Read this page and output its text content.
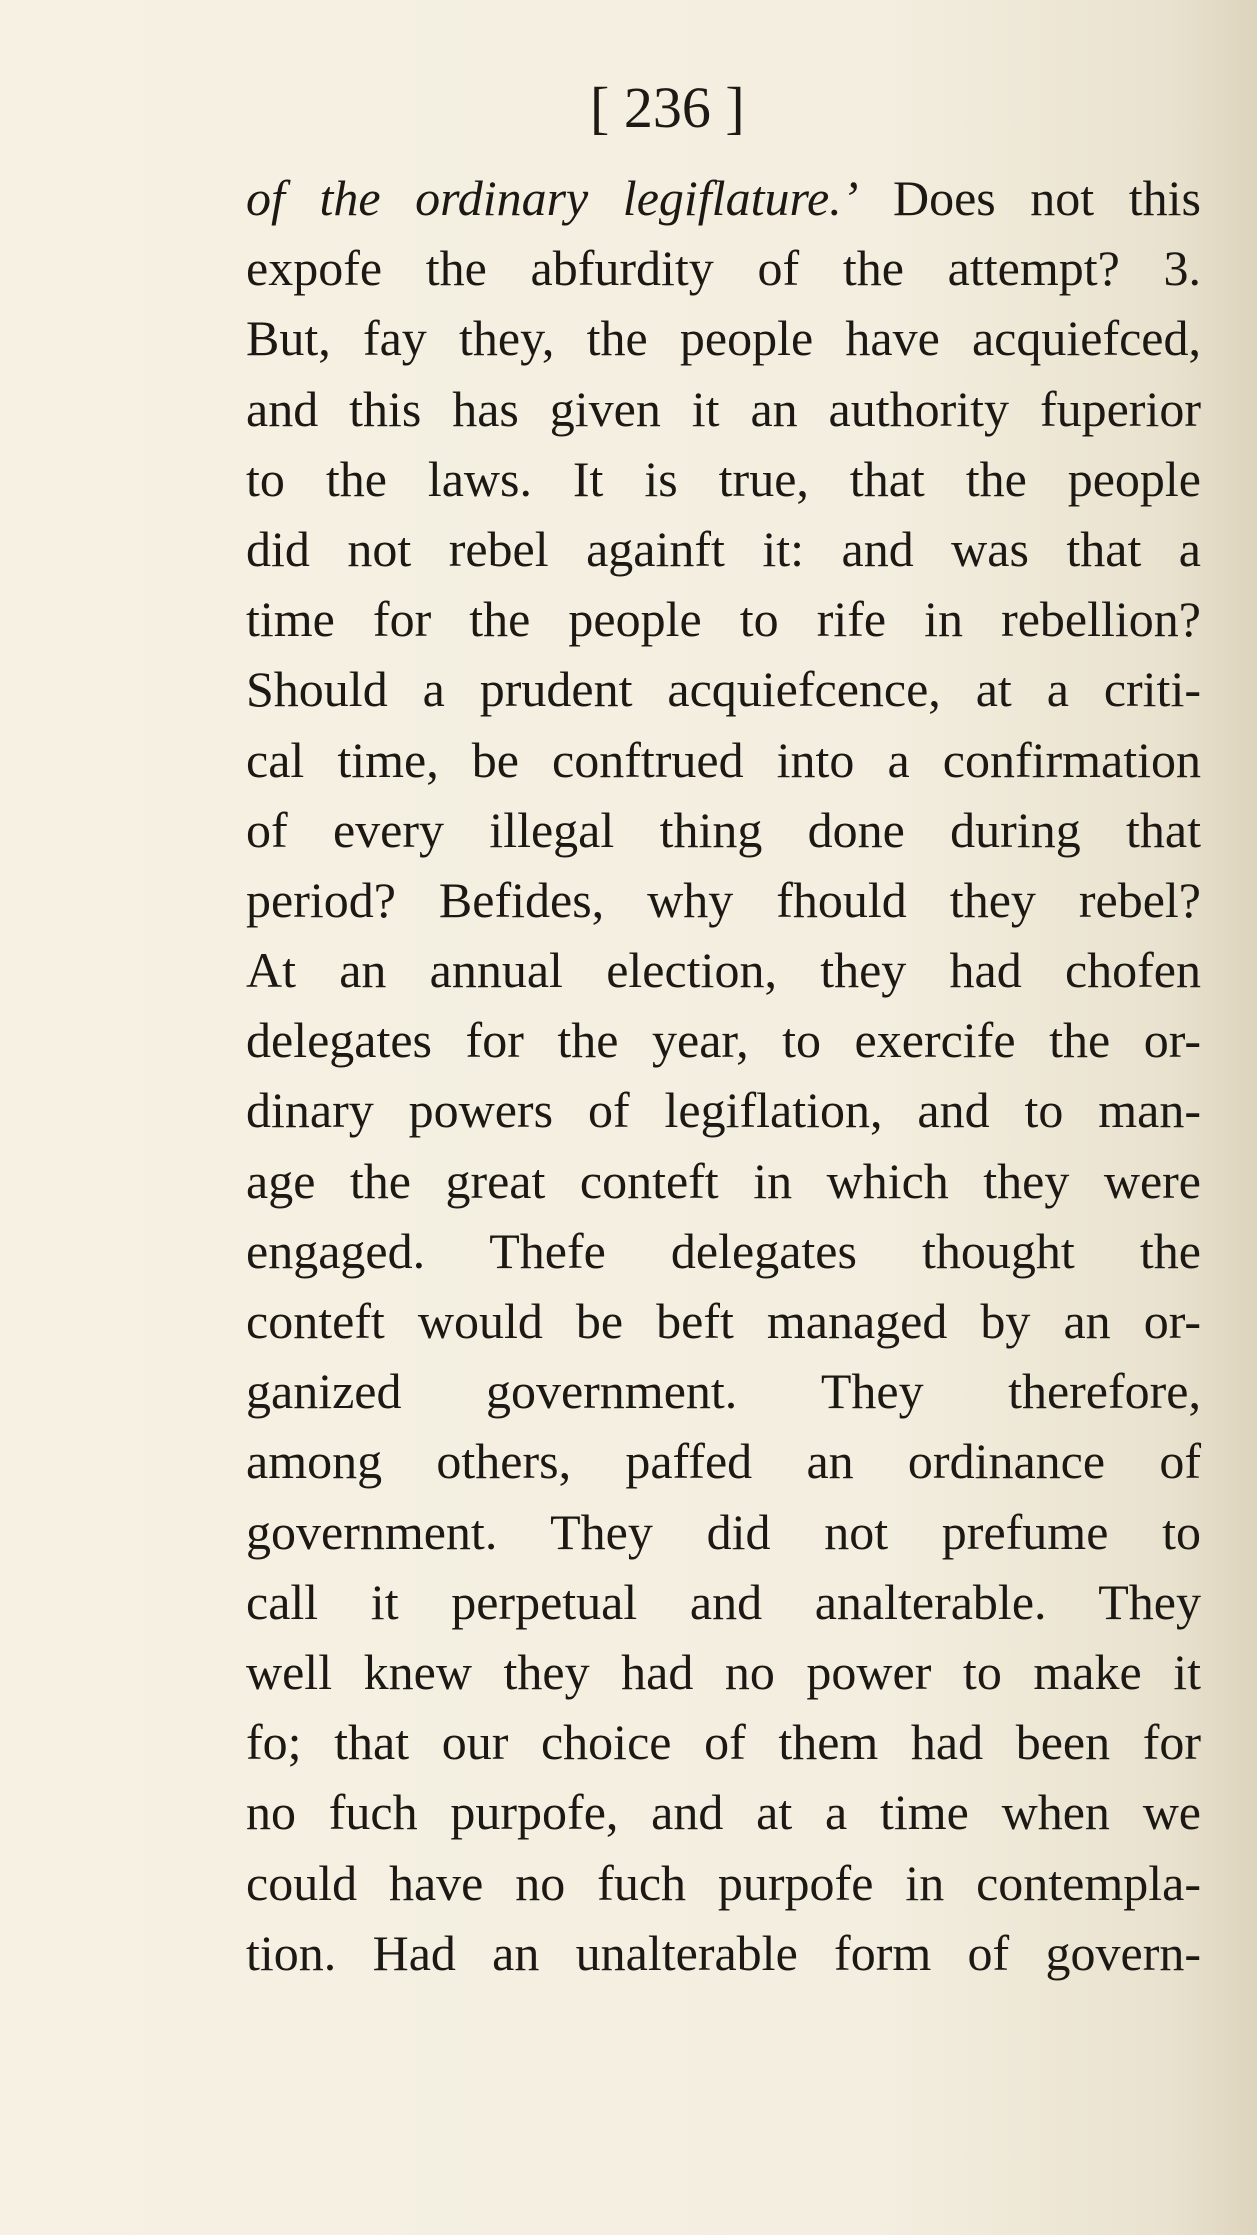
[ 236 ]
of the ordinary legiflature.’ Does not this
expofe the abfurdity of the attempt? 3.
But, fay they, the people have acquiefced,
and this has given it an authority fuperior
to the laws. It is true, that the people
did not rebel againft it: and was that a
time for the people to rife in rebellion?
Should a prudent acquiefcence, at a criti-
cal time, be conftrued into a confirmation
of every illegal thing done during that
period? Befides, why fhould they rebel?
At an annual election, they had chofen
delegates for the year, to exercife the or-
dinary powers of legiflation, and to man-
age the great conteft in which they were
engaged. Thefe delegates thought the
conteft would be beft managed by an or-
ganized government. They therefore,
among others, paffed an ordinance of
government. They did not prefume to
call it perpetual and analterable. They
well knew they had no power to make it
fo; that our choice of them had been for
no fuch purpofe, and at a time when we
could have no fuch purpofe in contempla-
tion. Had an unalterable form of govern-
